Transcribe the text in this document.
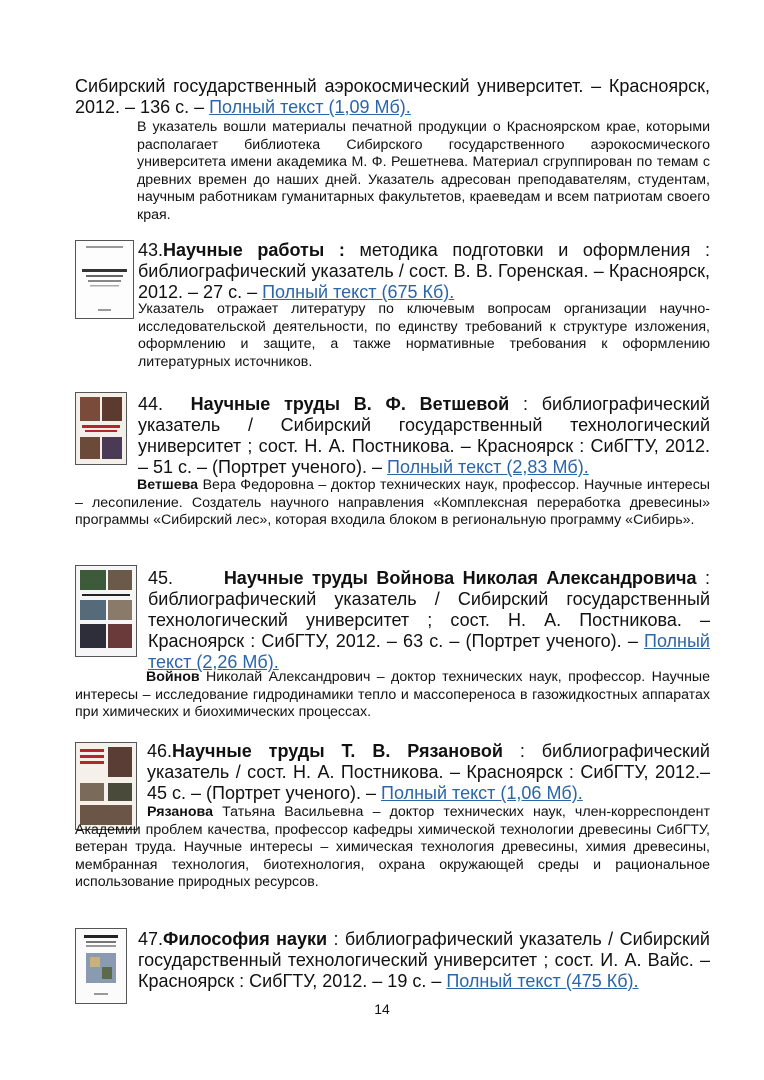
Сибирский государственный аэрокосмический университет. – Красноярск, 2012. – 136 с. – Полный текст (1,09 Мб).
В указатель вошли материалы печатной продукции о Красноярском крае, которыми располагает библиотека Сибирского государственного аэрокосмического университета имени академика М. Ф. Решетнева. Материал сгруппирован по темам с древних времен до наших дней. Указатель адресован преподавателям, студентам, научным работникам гуманитарных факультетов, краеведам и всем патриотам своего края.
43.Научные работы : методика подготовки и оформления : библиографический указатель / сост. В. В. Горенская. – Красноярск, 2012. – 27 с. – Полный текст (675 Кб).
Указатель отражает литературу по ключевым вопросам организации научно-исследовательской деятельности, по единству требований к структуре изложения, оформлению и защите, а также нормативные требования к оформлению литературных источников.
44. Научные труды В. Ф. Ветшевой : библиографический указатель / Сибирский государственный технологический университет ; сост. Н. А. Постникова. – Красноярск : СибГТУ, 2012. – 51 с. – (Портрет ученого). – Полный текст (2,83 Мб).
Ветшева Вера Федоровна – доктор технических наук, профессор. Научные интересы – лесопиление. Создатель научного направления «Комплексная переработка древесины» программы «Сибирский лес», которая входила блоком в региональную программу «Сибирь».
45.	Научные труды Войнова Николая Александровича : библиографический указатель / Сибирский государственный технологический университет ; сост. Н. А. Постникова. – Красноярск : СибГТУ, 2012. – 63 с. – (Портрет ученого). – Полный текст (2,26 Мб).
Войнов Николай Александрович – доктор технических наук, профессор. Научные интересы – исследование гидродинамики тепло и массопереноса в газожидкостных аппаратах при химических и биохимических процессах.
46.Научные труды Т. В. Рязановой : библиографический указатель / сост. Н. А. Постникова. – Красноярск : СибГТУ, 2012.– 45 с. – (Портрет ученого). – Полный текст (1,06 Мб).
Рязанова Татьяна Васильевна – доктор технических наук, член-корреспондент Академии проблем качества, профессор кафедры химической технологии древесины СибГТУ, ветеран труда. Научные интересы – химическая технология древесины, химия древесины, мембранная технология, биотехнология, охрана окружающей среды и рациональное использование природных ресурсов.
47.Философия науки : библиографический указатель / Сибирский государственный технологический университет ; сост. И. А. Вайс. – Красноярск : СибГТУ, 2012. – 19 с. – Полный текст (475 Кб).
14
